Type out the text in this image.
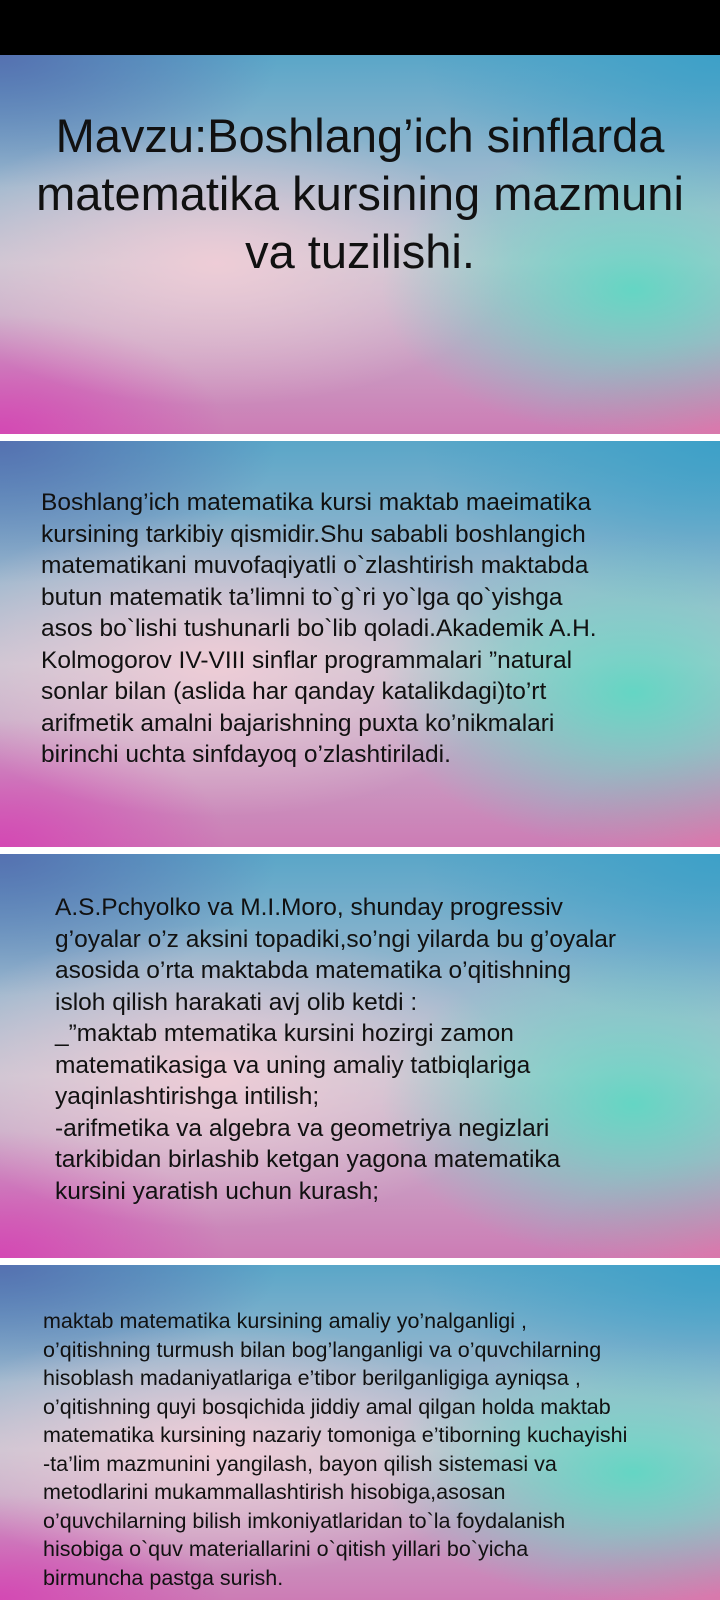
Mavzu:Boshlang’ich sinflarda matematika kursining mazmuni va tuzilishi.

Boshlang’ich matematika kursi maktab maeimatika
kursining tarkibiy qismidir.Shu sababli boshlangich
matematikani muvofaqiyatli o`zlashtirish maktabda
butun matematik ta’limni to`g`ri yo`lga qo`yishga
asos bo`lishi tushunarli bo`lib qoladi.Akademik A.H.
Kolmogorov IV-VIII sinflar programmalari ”natural
sonlar bilan (aslida har qanday katalikdagi)to’rt
arifmetik amalni bajarishning puxta ko’nikmalari
birinchi uchta sinfdayoq o’zlashtiriladi.

A.S.Pchyolko va M.I.Moro, shunday progressiv
g’oyalar o’z aksini topadiki,so’ngi yilarda bu g’oyalar
asosida o’rta maktabda matematika o’qitishning
isloh qilish harakati avj olib ketdi :
_”maktab mtematika kursini hozirgi zamon
matematikasiga va uning amaliy tatbiqlariga
yaqinlashtirishga intilish;
-arifmetika va algebra va geometriya negizlari
tarkibidan birlashib ketgan yagona matematika
kursini yaratish uchun kurash;

maktab matematika kursining amaliy yo’nalganligi ,
o’qitishning turmush bilan bog’langanligi va o’quvchilarning
hisoblash madaniyatlariga e’tibor berilganligiga ayniqsa ,
o’qitishning quyi bosqichida jiddiy amal qilgan holda maktab
matematika kursining nazariy tomoniga e’tiborning kuchayishi
-ta’lim mazmunini yangilash, bayon qilish sistemasi va
metodlarini mukammallashtirish hisobiga,asosan
o’quvchilarning bilish imkoniyatlaridan to`la foydalanish
hisobiga o`quv materiallarini o`qitish yillari bo`yicha
birmuncha pastga surish.
